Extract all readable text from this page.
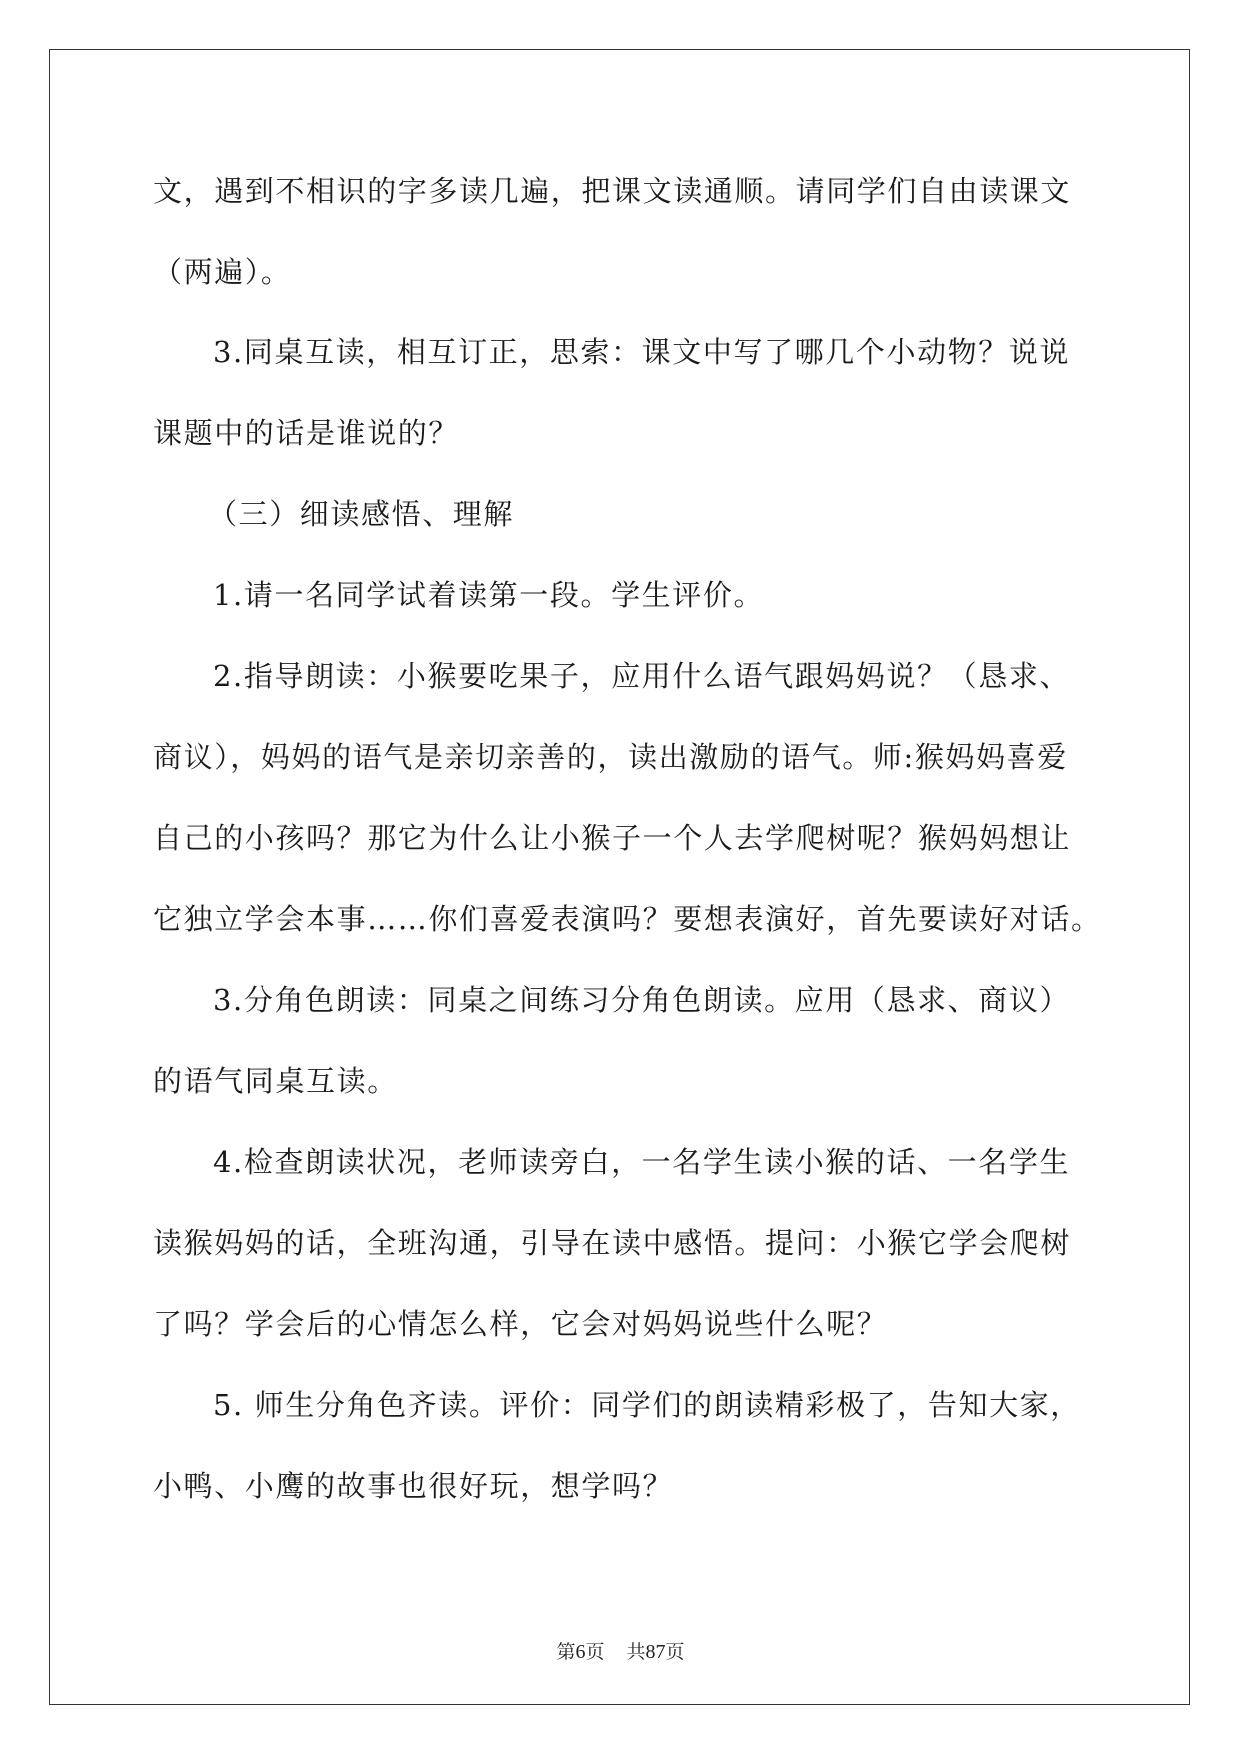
文，遇到不相识的字多读几遍，把课文读通顺。请同学们自由读课文
（两遍）。
3.同桌互读，相互订正，思索：课文中写了哪几个小动物？说说
课题中的话是谁说的？
（三）细读感悟、理解
1.请一名同学试着读第一段。学生评价。
2.指导朗读：小猴要吃果子，应用什么语气跟妈妈说？（恳求、
商议），妈妈的语气是亲切亲善的，读出激励的语气。师:猴妈妈喜爱
自己的小孩吗？那它为什么让小猴子一个人去学爬树呢？猴妈妈想让
它独立学会本事……你们喜爱表演吗？要想表演好，首先要读好对话。
3.分角色朗读：同桌之间练习分角色朗读。应用（恳求、商议）
的语气同桌互读。
4.检查朗读状况，老师读旁白，一名学生读小猴的话、一名学生
读猴妈妈的话，全班沟通，引导在读中感悟。提问：小猴它学会爬树
了吗？学会后的心情怎么样，它会对妈妈说些什么呢？
5. 师生分角色齐读。评价：同学们的朗读精彩极了，告知大家，
小鸭、小鹰的故事也很好玩，想学吗？
第6页 共87页
